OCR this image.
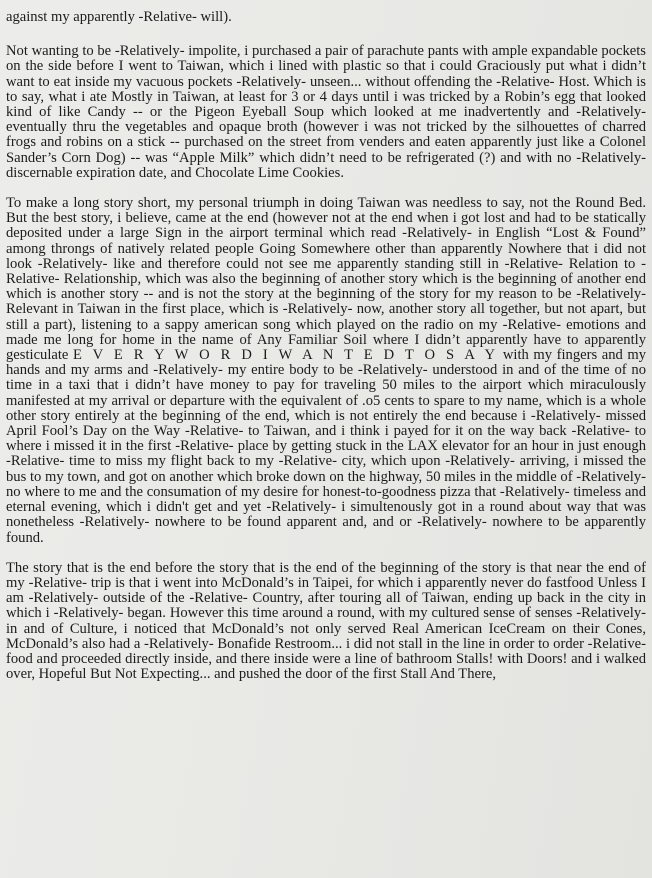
against my apparently -Relative- will).

Not wanting to be -Relatively- impolite, i purchased a pair of parachute pants with ample expandable pockets on the side before I went to Taiwan, which i lined with plastic so that i could Graciously put what i didn’t want to eat inside my vacuous pockets -Relatively- unseen... without offending the -Relative- Host. Which is to say, what i ate Mostly in Taiwan, at least for 3 or 4 days until i was tricked by a Robin’s egg that looked kind of like Candy -- or the Pigeon Eyeball Soup which looked at me inadvertently and -Relatively- eventually thru the vegetables and opaque broth (however i was not tricked by the silhouettes of charred frogs and robins on a stick -- purchased on the street from venders and eaten apparently just like a Colonel Sander’s Corn Dog) -- was “Apple Milk” which didn’t need to be refrigerated (?) and with no -Relatively- discernable expiration date, and Chocolate Lime Cookies.

To make a long story short, my personal triumph in doing Taiwan was needless to say, not the Round Bed. But the best story, i believe, came at the end (however not at the end when i got lost and had to be statically deposited under a large Sign in the airport terminal which read -Relatively- in English “Lost & Found” among throngs of natively related people Going Somewhere other than apparently Nowhere that i did not look -Relatively- like and therefore could not see me apparently standing still in -Relative- Relation to -Relative- Relationship, which was also the beginning of another story which is the beginning of another end which is another story -- and is not the story at the beginning of the story for my reason to be -Relatively- Relevant in Taiwan in the first place, which is -Relatively- now, another story all together, but not apart, but still a part), listening to a sappy american song which played on the radio on my -Relative- emotions and made me long for home in the name of Any Familiar Soil where I didn’t apparently have to apparently gesticulate E V E R Y W O R D I W A N T E D T O S A Y with my fingers and my hands and my arms and -Relatively- my entire body to be -Relatively- understood in and of the time of no time in a taxi that i didn’t have money to pay for traveling 50 miles to the airport which miraculously manifested at my arrival or departure with the equivalent of .o5 cents to spare to my name, which is a whole other story entirely at the beginning of the end, which is not entirely the end because i -Relatively- missed April Fool’s Day on the Way -Relative- to Taiwan, and i think i payed for it on the way back -Relative- to where i missed it in the first -Relative- place by getting stuck in the LAX elevator for an hour in just enough -Relative- time to miss my flight back to my -Relative- city, which upon -Relatively- arriving, i missed the bus to my town, and got on another which broke down on the highway, 50 miles in the middle of -Relatively- no where to me and the consumation of my desire for honest-to-goodness pizza that -Relatively- timeless and eternal evening, which i didn't get and yet -Relatively- i simultenously got in a round about way that was nonetheless -Relatively- nowhere to be found apparent and, and or -Relatively- nowhere to be apparently found.

The story that is the end before the story that is the end of the beginning of the story is that near the end of my -Relative- trip is that i went into McDonald’s in Taipei, for which i apparently never do fastfood Unless I am -Relatively- outside of the -Relative- Country, after touring all of Taiwan, ending up back in the city in which i -Relatively- began. However this time around a round, with my cultured sense of senses -Relatively- in and of Culture, i noticed that McDonald’s not only served Real American IceCream on their Cones, McDonald’s also had a -Relatively- Bonafide Restroom... i did not stall in the line in order to order -Relative- food and proceeded directly inside, and there inside were a line of bathroom Stalls! with Doors! and i walked over, Hopeful But Not Expecting... and pushed the door of the first Stall And There,
